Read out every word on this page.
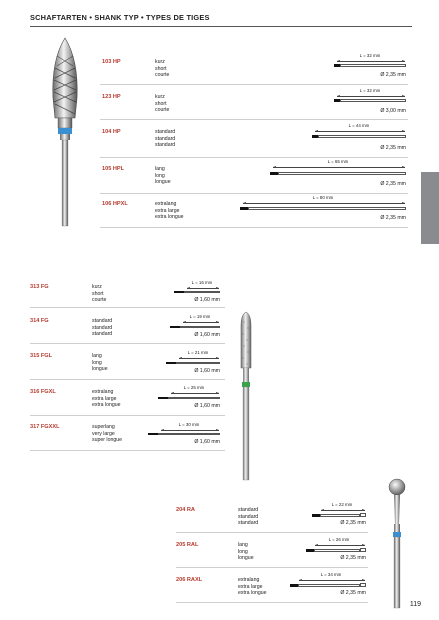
SCHAFTARTEN • SHANK TYP • TYPES DE TIGES
119
103 HP	kurz
short
courte
L = 32 mm
Ø 2,35 mm
123 HP	kurz
short
courte
L = 32 mm
Ø 3,00 mm
104 HP	standard
standard
standard
L = 44 mm
Ø 2,35 mm
105 HPL	lang
long
longue
L = 65 mm
Ø 2,35 mm
106 HPXL	extralang
extra large
extra longue
L = 80 mm
Ø 2,35 mm
313 FG	kurz
short
courte
L = 16 mm
Ø 1,60 mm
314 FG	standard
standard
standard
L = 19 mm
Ø 1,60 mm
315 FGL	lang
long
longue
L = 21 mm
Ø 1,60 mm
316 FGXL	extralang
extra large
extra longue
L = 25 mm
Ø 1,60 mm
317 FGXXL	superlang
very large
super longue
L = 30 mm
Ø 1,60 mm
204 RA	standard
standard
standard
L = 22 mm
Ø 2,35 mm
205 RAL	lang
long
longue
L = 26 mm
Ø 2,35 mm
206 RAXL	extralang
extra large
extra longue
L = 34 mm
Ø 2,35 mm
